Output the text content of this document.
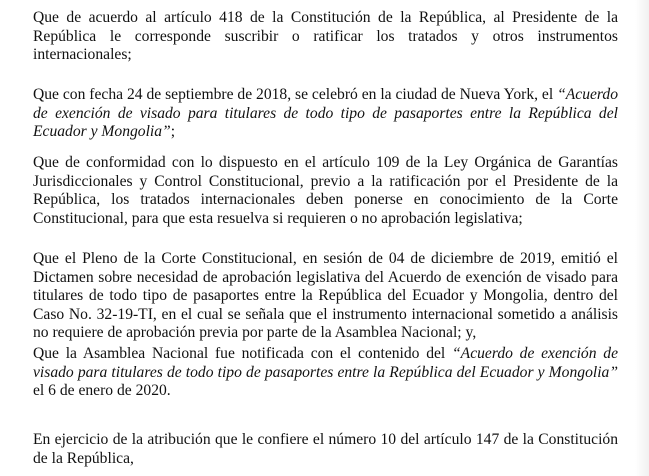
Que de acuerdo al artículo 418 de la Constitución de la República, al Presidente de la República le corresponde suscribir o ratificar los tratados y otros instrumentos internacionales;

Que con fecha 24 de septiembre de 2018, se celebró en la ciudad de Nueva York, el “Acuerdo de exención de visado para titulares de todo tipo de pasaportes entre la República del Ecuador y Mongolia”;

Que de conformidad con lo dispuesto en el artículo 109 de la Ley Orgánica de Garantías Jurisdiccionales y Control Constitucional, previo a la ratificación por el Presidente de la República, los tratados internacionales deben ponerse en conocimiento de la Corte Constitucional, para que esta resuelva si requieren o no aprobación legislativa;

Que el Pleno de la Corte Constitucional, en sesión de 04 de diciembre de 2019, emitió el Dictamen sobre necesidad de aprobación legislativa del Acuerdo de exención de visado para titulares de todo tipo de pasaportes entre la República del Ecuador y Mongolia, dentro del Caso No. 32-19-TI, en el cual se señala que el instrumento internacional sometido a análisis no requiere de aprobación previa por parte de la Asamblea Nacional; y,

Que la Asamblea Nacional fue notificada con el contenido del “Acuerdo de exención de visado para titulares de todo tipo de pasaportes entre la República del Ecuador y Mongolia” el 6 de enero de 2020.

En ejercicio de la atribución que le confiere el número 10 del artículo 147 de la Constitución de la República,
